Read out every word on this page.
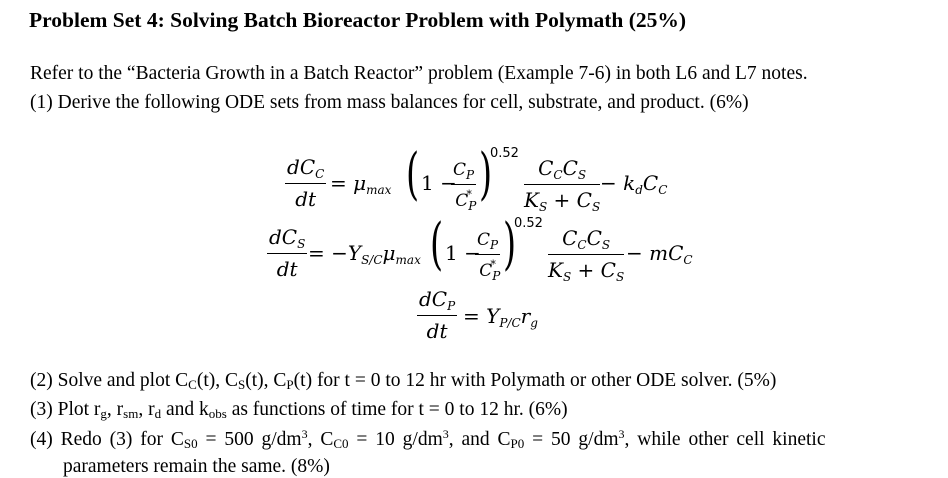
Problem Set 4: Solving Batch Bioreactor Problem with Polymath (25%)
Refer to the “Bacteria Growth in a Batch Reactor” problem (Example 7-6) in both L6 and L7 notes.
(1) Derive the following ODE sets from mass balances for cell, substrate, and product. (6%)
$dC_C$
dt
= $\mu_{max}$ ( 1 −
$\frac{C_P}{C_P^*}$ )
0.52
$C_CC_S$
$K_S + C_S$
− $k_dC_C$
$dC_S$
dt
= $-Y_{S/C}\mu_{max}$ ( 1 −
$\frac{C_P}{C_P^*}$ )
0.52
$C_CC_S$
$K_S + C_S$
− $mC_C$
$dC_P$
dt
= $Y_{P/C}r_g$
(2) Solve and plot $C_C(t)$, $C_S(t)$, $C_P(t)$ for t = 0 to 12 hr with Polymath or other ODE solver. (5%)
(3) Plot $r_g$, $r_{sm}$, $r_d$ and $k_{obs}$ as functions of time for t = 0 to 12 hr. (6%)
(4) Redo (3) for $C_{S0} = 500$ $g/dm^3$, $C_{C0} = 10$ $g/dm^3$, and $C_{P0} = 50$ $g/dm^3$, while other cell kinetic
parameters remain the same. (8%)
